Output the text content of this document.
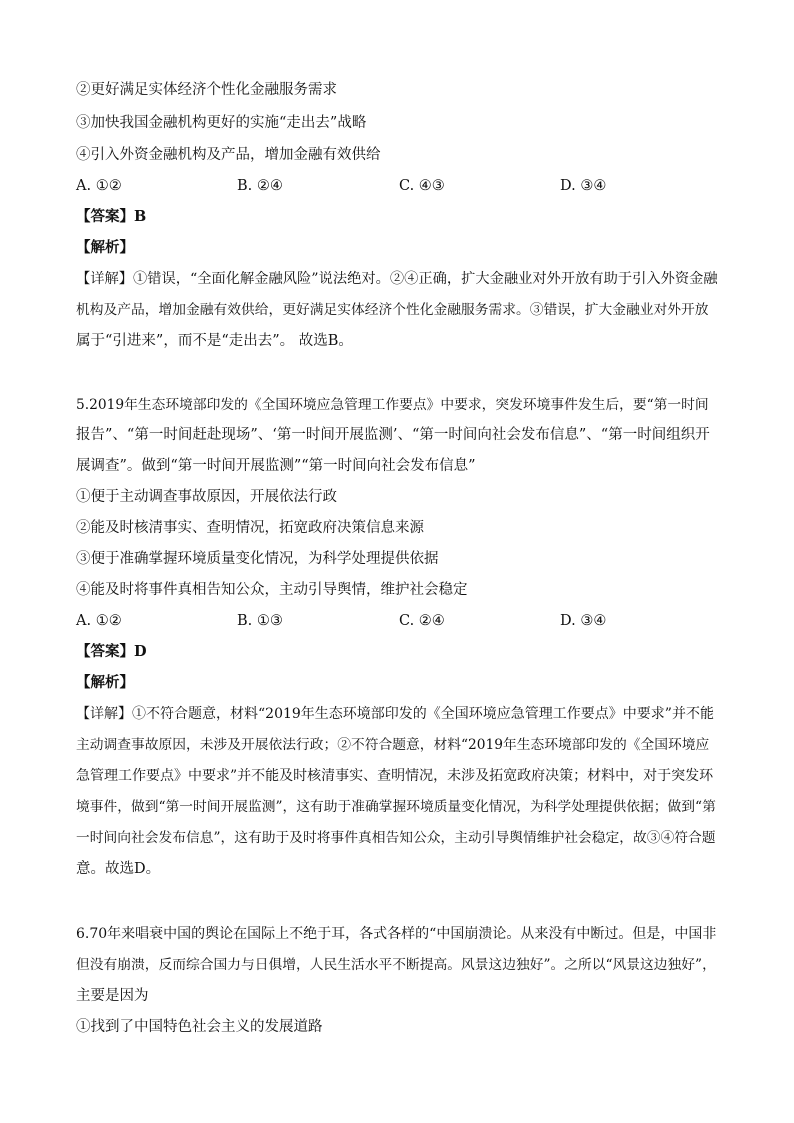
②更好满足实体经济个性化金融服务需求
③加快我国金融机构更好的实施“走出去”战略
④引入外资金融机构及产品，增加金融有效供给
A. ①②	B. ②④	C. ④③	D. ③④
【答案】B
【解析】
【详解】①错误，“全面化解金融风险”说法绝对。②④正确，扩大金融业对外开放有助于引入外资金融
机构及产品，增加金融有效供给，更好满足实体经济个性化金融服务需求。③错误，扩大金融业对外开放
属于“引进来”，而不是“走出去”。 故选B。
5.2019年生态环境部印发的《全国环境应急管理工作要点》中要求，突发环境事件发生后，要“第一时间
报告”、“第一时间赶赴现场”、‘第一时间开展监测’、“第一时间向社会发布信息”、“第一时间组织开
展调查”。做到“第一时间开展监测”“第一时间向社会发布信息”
①便于主动调查事故原因，开展依法行政
②能及时核清事实、查明情况，拓宽政府决策信息来源
③便于准确掌握环境质量变化情况，为科学处理提供依据
④能及时将事件真相告知公众，主动引导舆情，维护社会稳定
A. ①②	B. ①③	C. ②④	D. ③④
【答案】D
【解析】
【详解】①不符合题意，材料“2019年生态环境部印发的《全国环境应急管理工作要点》中要求”并不能
主动调查事故原因，未涉及开展依法行政；②不符合题意，材料“2019年生态环境部印发的《全国环境应
急管理工作要点》中要求”并不能及时核清事实、查明情况，未涉及拓宽政府决策；材料中，对于突发环
境事件，做到“第一时间开展监测”，这有助于准确掌握环境质量变化情况，为科学处理提供依据；做到“第
一时间向社会发布信息”，这有助于及时将事件真相告知公众，主动引导舆情维护社会稳定，故③④符合题
意。故选D。
6.70年来唱衰中国的舆论在国际上不绝于耳，各式各样的“中国崩溃论。从来没有中断过。但是，中国非
但没有崩溃，反而综合国力与日俱增，人民生活水平不断提高。风景这边独好”。之所以“风景这边独好”，
主要是因为
①找到了中国特色社会主义的发展道路
